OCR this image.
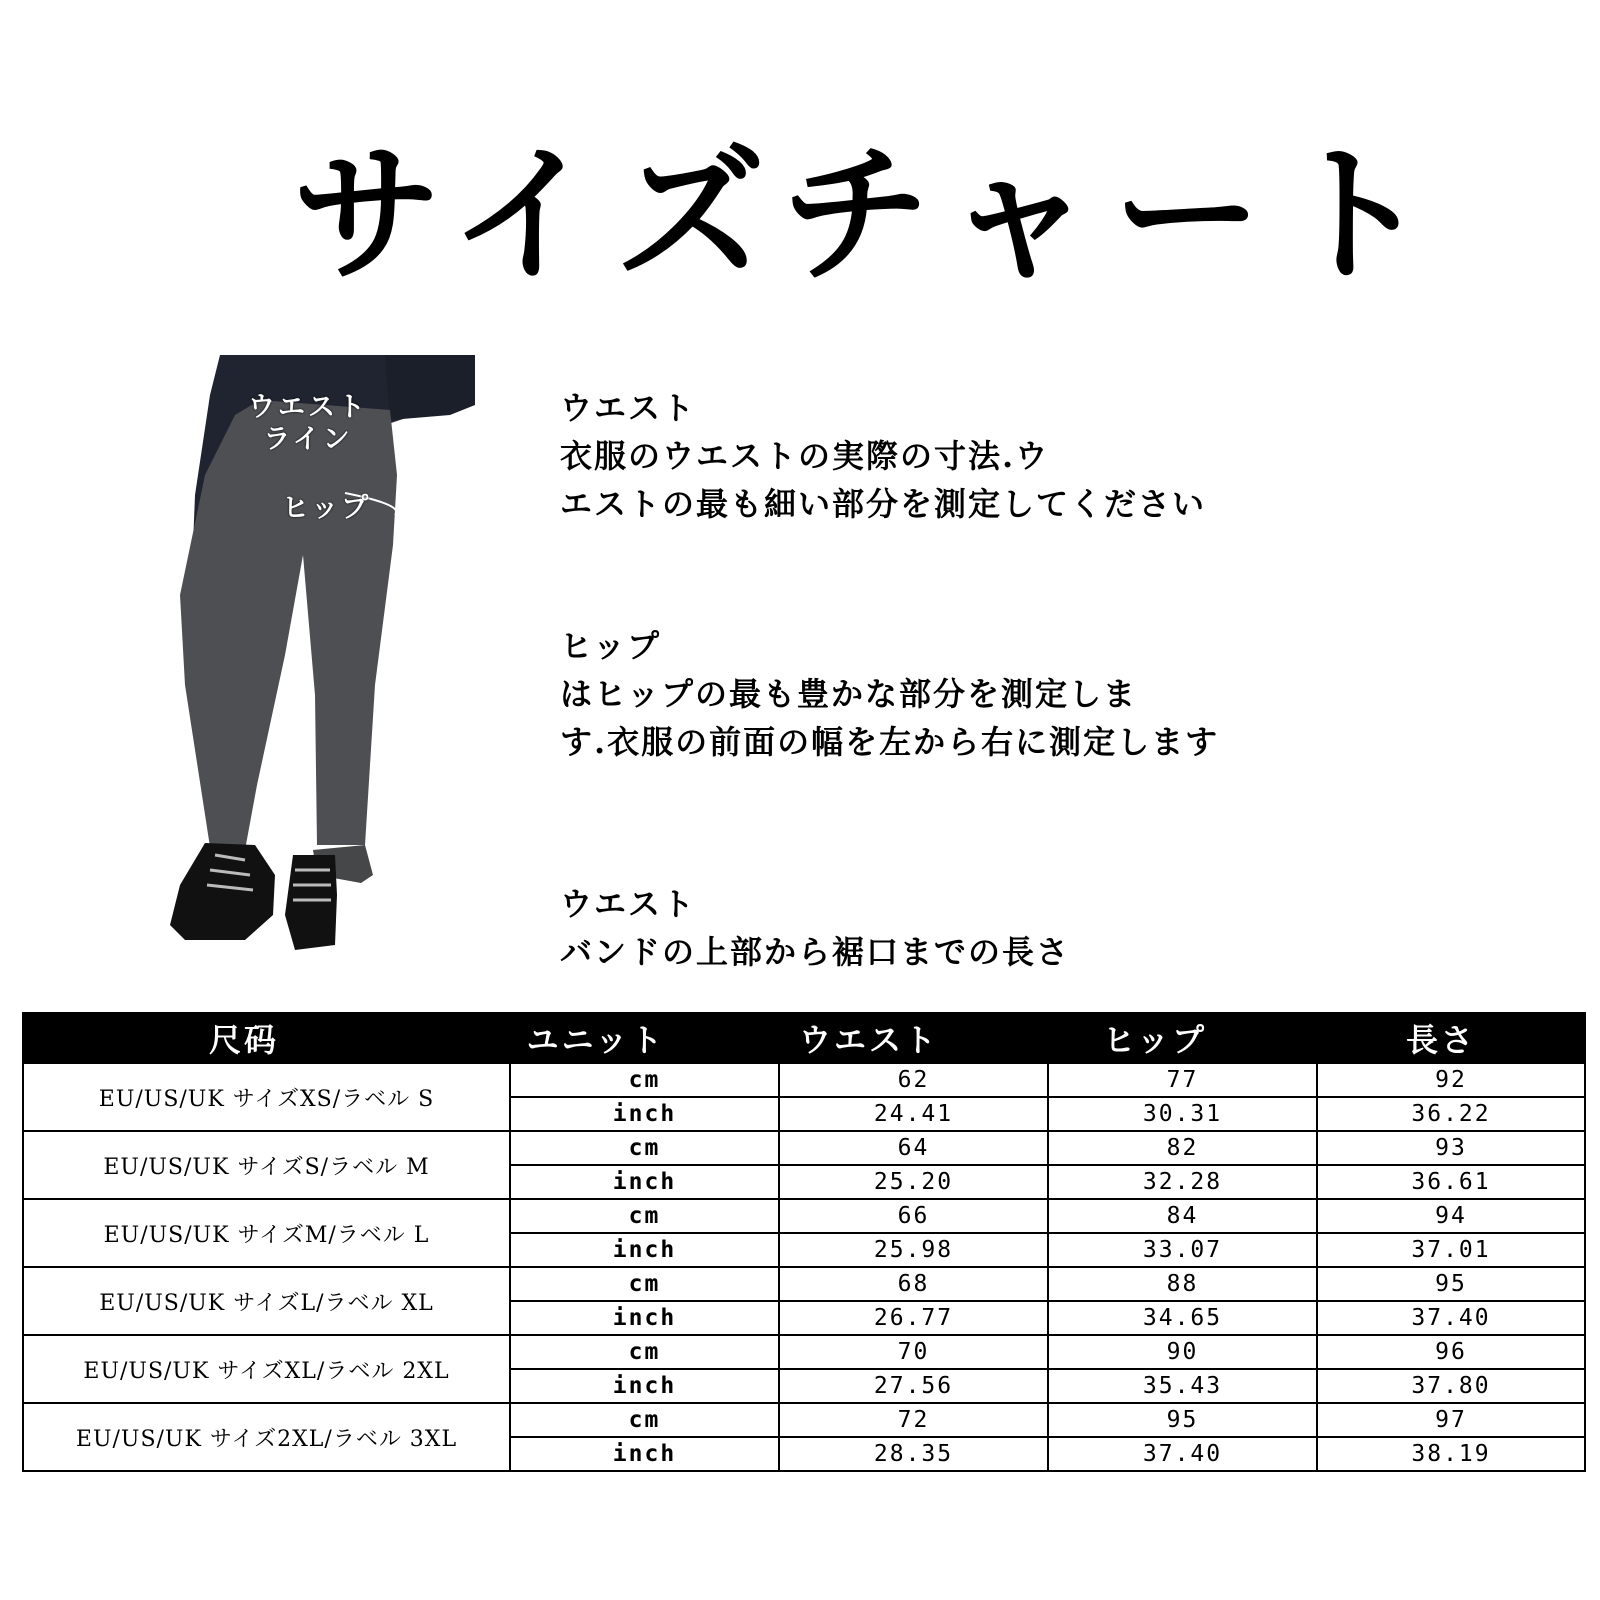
サイズチャート
ウエスト
ライン
ヒップ
ウエスト
衣服のウエストの実際の寸法.ウ
エストの最も細い部分を測定してください
ヒップ
はヒップの最も豊かな部分を測定しま
す.衣服の前面の幅を左から右に測定します
ウエスト
バンドの上部から裾口までの長さ
尺码	ユニット	ウエスト	ヒップ	長さ
EU/US/UK サイズXS/ラベル S
cm	62	77	92
inch	24.41	30.31	36.22
EU/US/UK サイズS/ラベル M
cm	64	82	93
inch	25.20	32.28	36.61
EU/US/UK サイズM/ラベル L
cm	66	84	94
inch	25.98	33.07	37.01
EU/US/UK サイズL/ラベル XL
cm	68	88	95
inch	26.77	34.65	37.40
EU/US/UK サイズXL/ラベル 2XL
cm	70	90	96
inch	27.56	35.43	37.80
EU/US/UK サイズ2XL/ラベル 3XL
cm	72	95	97
inch	28.35	37.40	38.19
